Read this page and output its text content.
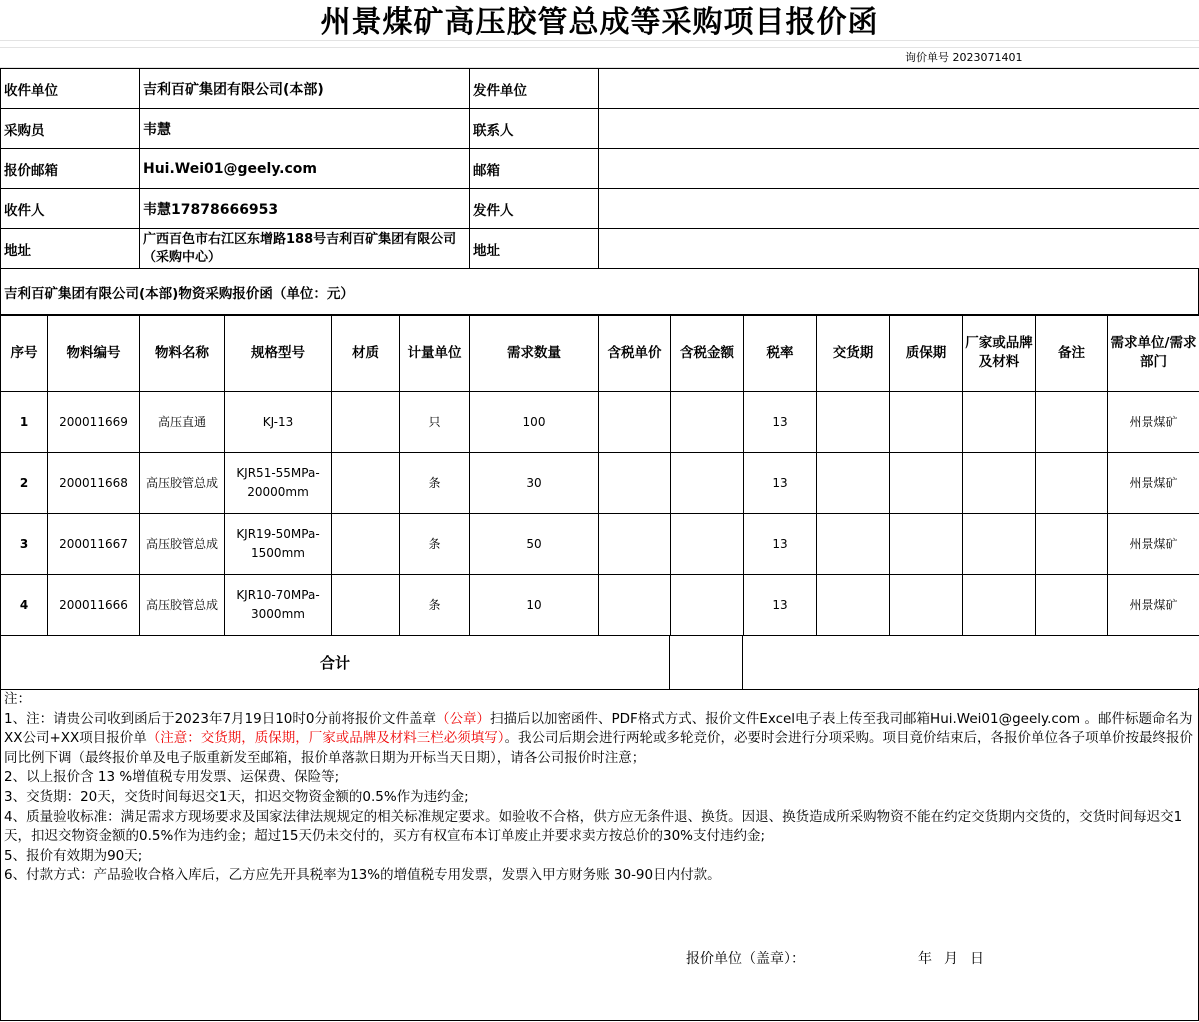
州景煤矿高压胶管总成等采购项目报价函
询价单号 2023071401
收件单位	吉利百矿集团有限公司(本部)	发件单位	
采购员	韦慧	联系人	
报价邮箱	Hui.Wei01@geely.com	邮箱	
收件人	韦慧17878666953	发件人	
地址	广西百色市右江区东增路188号吉利百矿集团有限公司（采购中心）	地址	
吉利百矿集团有限公司(本部)物资采购报价函（单位：元）
序号	物料编号	物料名称	规格型号	材质	计量单位	需求数量	含税单价	含税金额	税率	交货期	质保期	厂家或品牌及材料	备注	需求单位/需求部门
1	200011669	高压直通	KJ-13		只	100			13					州景煤矿
2	200011668	高压胶管总成	KJR51-55MPa-20000mm		条	30			13					州景煤矿
3	200011667	高压胶管总成	KJR19-50MPa-1500mm		条	50			13					州景煤矿
4	200011666	高压胶管总成	KJR10-70MPa-3000mm		条	10			13					州景煤矿
合计		

注：

1、注：请贵公司收到函后于2023年7月19日10时0分前将报价文件盖章（公章）扫描后以加密函件、PDF格式方式、报价文件Excel电子表上传至我司邮箱Hui.Wei01@geely.com 。邮件标题命名为XX公司+XX项目报价单（注意：交货期，质保期，厂家或品牌及材料三栏必须填写）。我公司后期会进行两轮或多轮竞价，必要时会进行分项采购。项目竟价结束后，各报价单位各子项单价按最终报价同比例下调（最终报价单及电子版重新发至邮箱，报价单落款日期为开标当天日期），请各公司报价时注意；

2、以上报价含 13 %增值税专用发票、运保费、保险等;

3、交货期：20天，交货时间每迟交1天，扣迟交物资金额的0.5%作为违约金;

4、质量验收标准：满足需求方现场要求及国家法律法规规定的相关标准规定要求。如验收不合格，供方应无条件退、换货。因退、换货造成所采购物资不能在约定交货期内交货的，交货时间每迟交1天，扣迟交物资金额的0.5%作为违约金；超过15天仍未交付的，买方有权宣布本订单废止并要求卖方按总价的30%支付违约金;

5、报价有效期为90天;

6、付款方式：产品验收合格入库后，乙方应先开具税率为13%的增值税专用发票，发票入甲方财务账 30-90日内付款。

报价单位（盖章）：	年 月 日
